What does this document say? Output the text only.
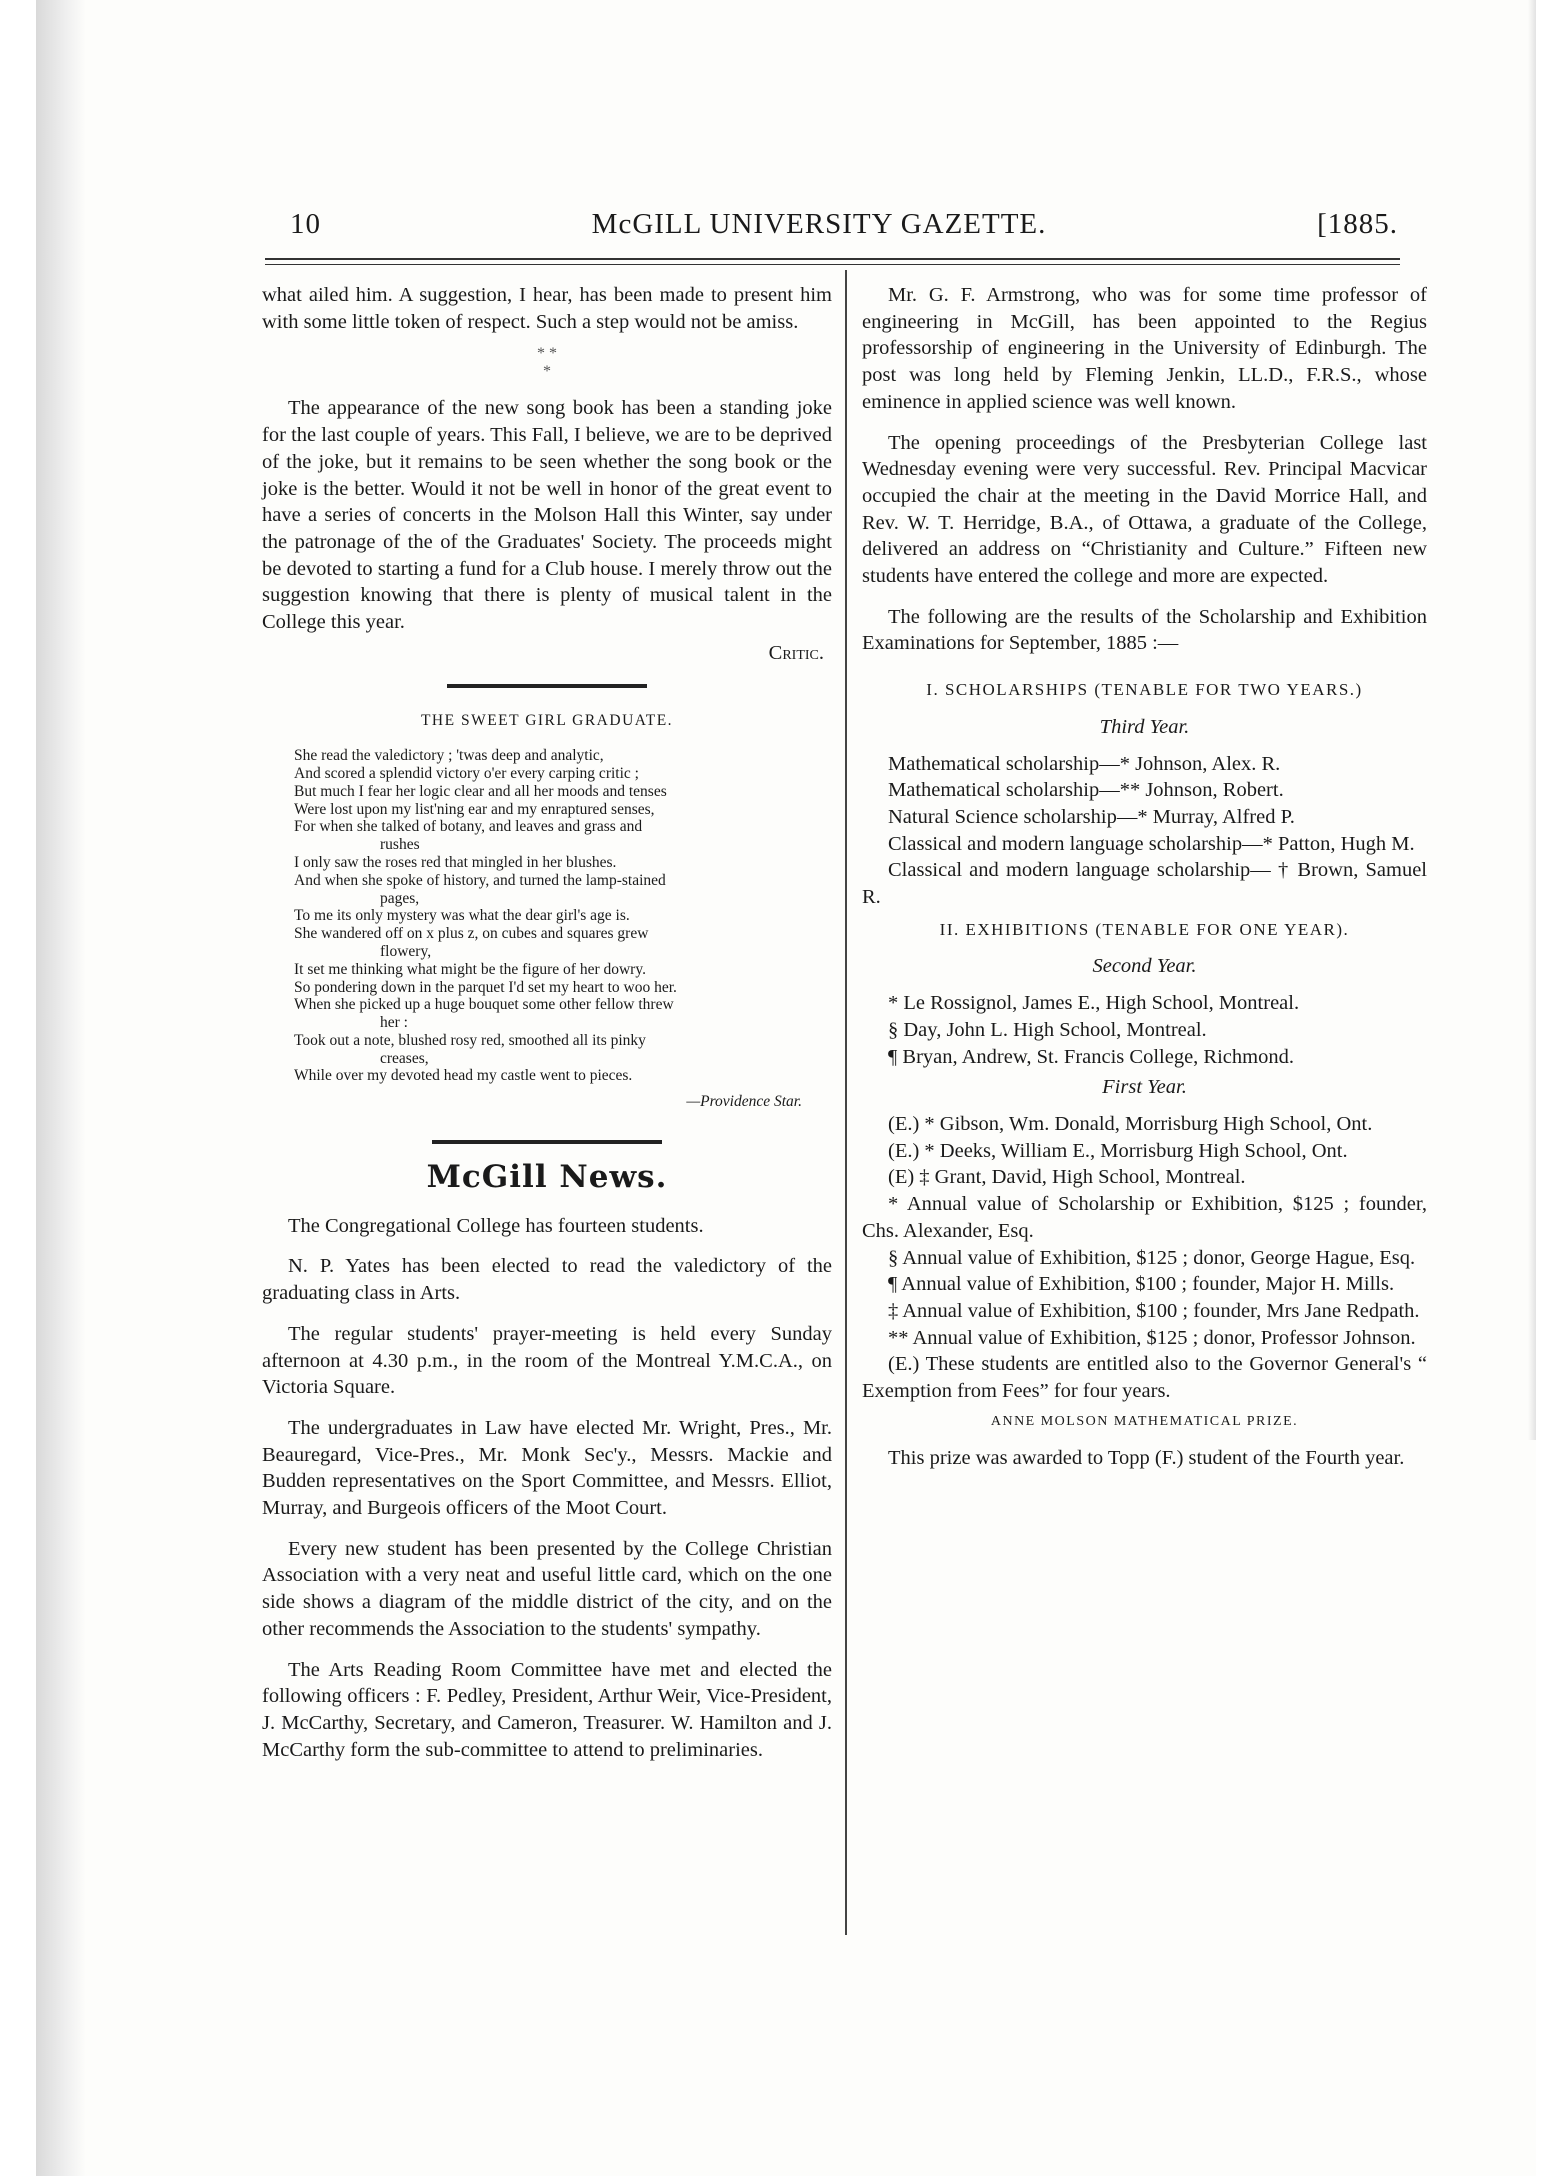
10	McGILL UNIVERSITY GAZETTE.	[1885.

what ailed him. A suggestion, I hear, has been made to present him with some little token of respect. Such a step would not be amiss.

* *
*

The appearance of the new song book has been a standing joke for the last couple of years. This Fall, I believe, we are to be deprived of the joke, but it remains to be seen whether the song book or the joke is the better. Would it not be well in honor of the great event to have a series of concerts in the Molson Hall this Winter, say under the patronage of the of the Graduates' Society. The proceeds might be devoted to starting a fund for a Club house. I merely throw out the suggestion knowing that there is plenty of musical talent in the College this year.

Critic.
THE SWEET GIRL GRADUATE.

She read the valedictory ; 'twas deep and analytic,

And scored a splendid victory o'er every carping critic ;

But much I fear her logic clear and all her moods and tenses

Were lost upon my list'ning ear and my enraptured senses,

For when she talked of botany, and leaves and grass and

rushes

I only saw the roses red that mingled in her blushes.

And when she spoke of history, and turned the lamp-stained

pages,

To me its only mystery was what the dear girl's age is.

She wandered off on x plus z, on cubes and squares grew

flowery,

It set me thinking what might be the figure of her dowry.

So pondering down in the parquet I'd set my heart to woo her.

When she picked up a huge bouquet some other fellow threw

her :

Took out a note, blushed rosy red, smoothed all its pinky

creases,

While over my devoted head my castle went to pieces.

—Providence Star.
McGill News.

The Congregational College has fourteen students.

N. P. Yates has been elected to read the valedictory of the graduating class in Arts.

The regular students' prayer-meeting is held every Sunday afternoon at 4.30 p.m., in the room of the Montreal Y.M.C.A., on Victoria Square.

The undergraduates in Law have elected Mr. Wright, Pres., Mr. Beauregard, Vice-Pres., Mr. Monk Sec'y., Messrs. Mackie and Budden representatives on the Sport Committee, and Messrs. Elliot, Murray, and Burgeois officers of the Moot Court.

Every new student has been presented by the College Christian Association with a very neat and useful little card, which on the one side shows a diagram of the middle district of the city, and on the other recommends the Association to the students' sympathy.

The Arts Reading Room Committee have met and elected the following officers : F. Pedley, President, Arthur Weir, Vice-President, J. McCarthy, Secretary, and Cameron, Treasurer. W. Hamilton and J. McCarthy form the sub-committee to attend to preliminaries.

Mr. G. F. Armstrong, who was for some time professor of engineering in McGill, has been appointed to the Regius professorship of engineering in the University of Edinburgh. The post was long held by Fleming Jenkin, LL.D., F.R.S., whose eminence in applied science was well known.

The opening proceedings of the Presbyterian College last Wednesday evening were very successful. Rev. Principal Macvicar occupied the chair at the meeting in the David Morrice Hall, and Rev. W. T. Herridge, B.A., of Ottawa, a graduate of the College, delivered an address on “Christianity and Culture.” Fifteen new students have entered the college and more are expected.

The following are the results of the Scholarship and Exhibition Examinations for September, 1885 :—

I. SCHOLARSHIPS (TENABLE FOR TWO YEARS.)
Third Year.

Mathematical scholarship—* Johnson, Alex. R.

Mathematical scholarship—** Johnson, Robert.

Natural Science scholarship—* Murray, Alfred P.

Classical and modern language scholarship—* Patton, Hugh M.

Classical and modern language scholarship— † Brown, Samuel R.

II. EXHIBITIONS (TENABLE FOR ONE YEAR).
Second Year.

* Le Rossignol, James E., High School, Montreal.

§ Day, John L. High School, Montreal.

¶ Bryan, Andrew, St. Francis College, Richmond.

First Year.

(E.) * Gibson, Wm. Donald, Morrisburg High School, Ont.

(E.) * Deeks, William E., Morrisburg High School, Ont.

(E) ‡ Grant, David, High School, Montreal.

* Annual value of Scholarship or Exhibition, $125 ; founder, Chs. Alexander, Esq.

§ Annual value of Exhibition, $125 ; donor, George Hague, Esq.

¶ Annual value of Exhibition, $100 ; founder, Major H. Mills.

‡ Annual value of Exhibition, $100 ; founder, Mrs Jane Redpath.

** Annual value of Exhibition, $125 ; donor, Professor Johnson.

(E.) These students are entitled also to the Governor General's “ Exemption from Fees” for four years.

ANNE MOLSON MATHEMATICAL PRIZE.

This prize was awarded to Topp (F.) student of the Fourth year.
